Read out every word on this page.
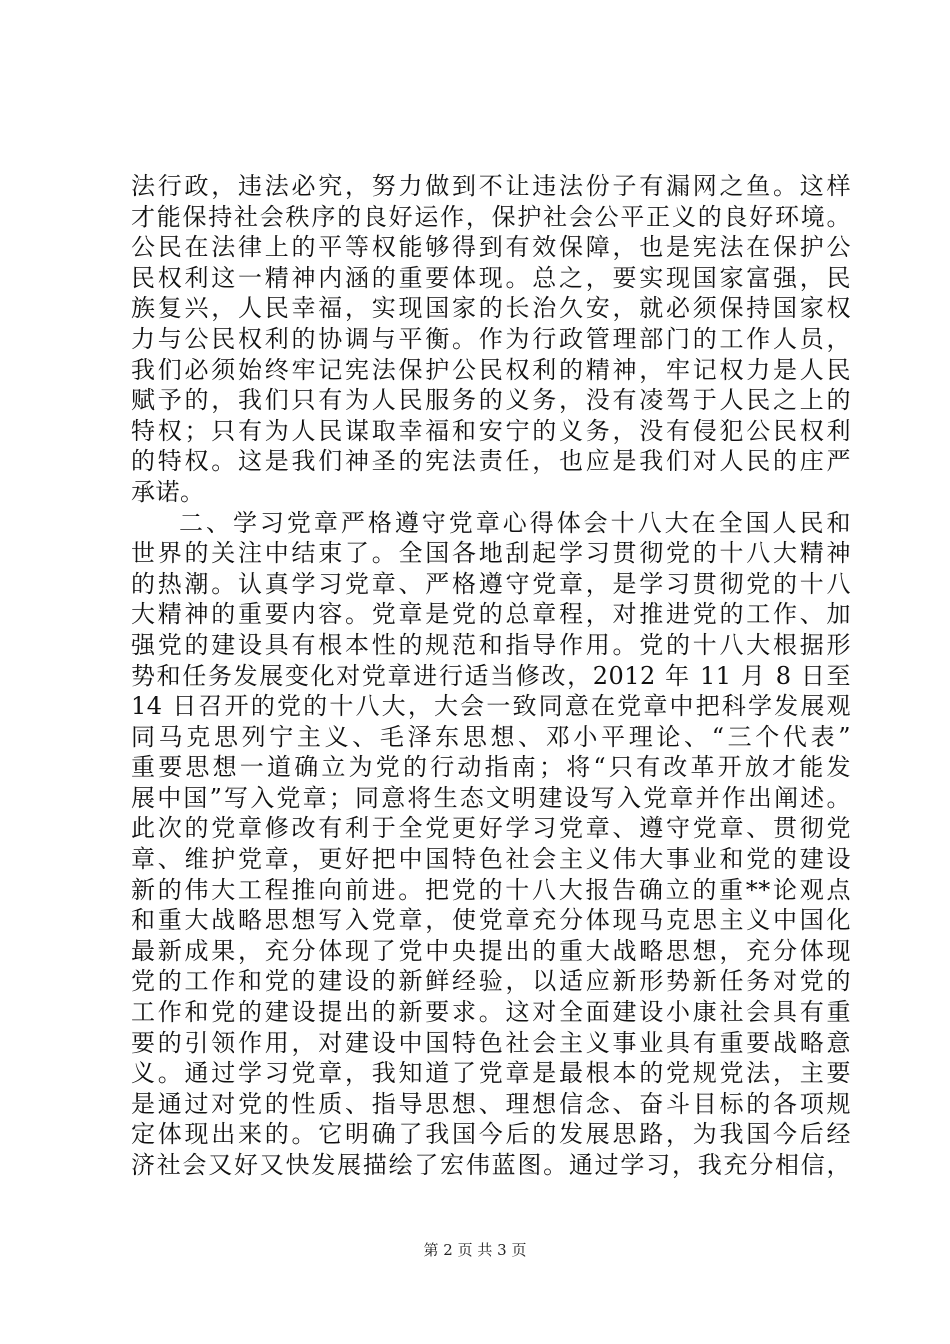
法行政，违法必究，努力做到不让违法份子有漏网之鱼。这样
才能保持社会秩序的良好运作，保护社会公平正义的良好环境。
公民在法律上的平等权能够得到有效保障，也是宪法在保护公
民权利这一精神内涵的重要体现。总之，要实现国家富强，民
族复兴，人民幸福，实现国家的长治久安，就必须保持国家权
力与公民权利的协调与平衡。作为行政管理部门的工作人员，
我们必须始终牢记宪法保护公民权利的精神，牢记权力是人民
赋予的，我们只有为人民服务的义务，没有凌驾于人民之上的
特权；只有为人民谋取幸福和安宁的义务，没有侵犯公民权利
的特权。这是我们神圣的宪法责任，也应是我们对人民的庄严
承诺。
二、学习党章严格遵守党章心得体会十八大在全国人民和
世界的关注中结束了。全国各地刮起学习贯彻党的十八大精神
的热潮。认真学习党章、严格遵守党章，是学习贯彻党的十八
大精神的重要内容。党章是党的总章程，对推进党的工作、加
强党的建设具有根本性的规范和指导作用。党的十八大根据形
势和任务发展变化对党章进行适当修改，2012 年 11 月 8 日至
14 日召开的党的十八大，大会一致同意在党章中把科学发展观
同马克思列宁主义、毛泽东思想、邓小平理论、“三个代表”
重要思想一道确立为党的行动指南；将“只有改革开放才能发
展中国”写入党章；同意将生态文明建设写入党章并作出阐述。
此次的党章修改有利于全党更好学习党章、遵守党章、贯彻党
章、维护党章，更好把中国特色社会主义伟大事业和党的建设
新的伟大工程推向前进。把党的十八大报告确立的重**论观点
和重大战略思想写入党章，使党章充分体现马克思主义中国化
最新成果，充分体现了党中央提出的重大战略思想，充分体现
党的工作和党的建设的新鲜经验，以适应新形势新任务对党的
工作和党的建设提出的新要求。这对全面建设小康社会具有重
要的引领作用，对建设中国特色社会主义事业具有重要战略意
义。通过学习党章，我知道了党章是最根本的党规党法，主要
是通过对党的性质、指导思想、理想信念、奋斗目标的各项规
定体现出来的。它明确了我国今后的发展思路，为我国今后经
济社会又好又快发展描绘了宏伟蓝图。通过学习，我充分相信，
第 2 页 共 3 页
